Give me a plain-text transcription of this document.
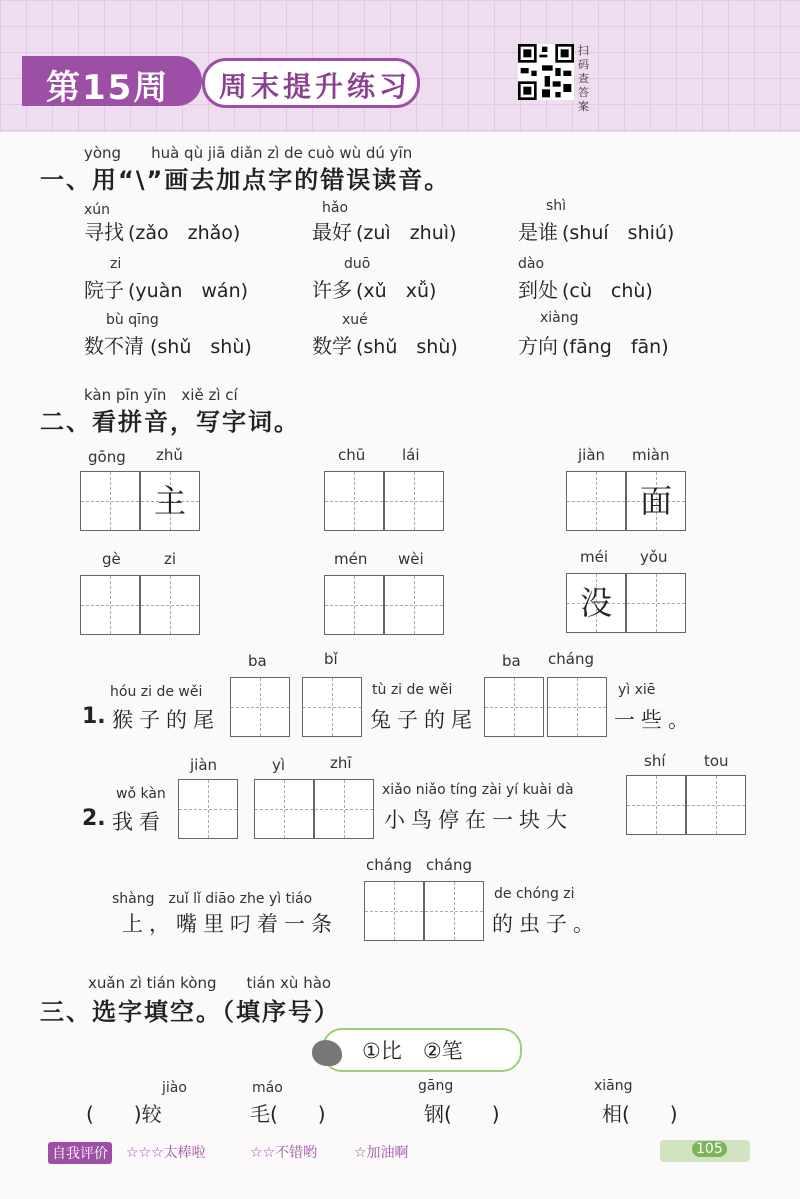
第15周 周末提升练习
扫码查答案
yòng　　huà qù jiā diǎn zì de cuò wù dú yīn
一、用“\”画去加点字的错误读音。
xún
寻找 (zǎo　zhǎo)
hǎo
最好 (zuì　zhuì)
shì
是谁 (shuí　shiú)
zi
院子 (yuàn　wán)
duō
许多 (xǔ　xǚ)
dào
到处 (cù　chù)
bù qīng
数不清 (shǔ　shù)
xué
数学 (shǔ　shù)
xiàng
方向 (fāng　fān)
kàn pīn yīn　xiě zì cí
二、看拼音，写字词。
gōng zhǔ
主
chū lái	jiàn miàn
面
gè	zi	mén wèi	méi yǒu
没
ba	bǐ	ba cháng
hóu zi de wěi	tù zi de wěi	yì xiē
1. 猴子的尾	兔子的尾	一些。
jiàn	yì	zhī	shí	tou
wǒ kàn	xiǎo niǎo tíng zài yí kuài dà
2. 我看	小鸟停在一块大
cháng cháng
shàng　zuǐ lǐ diāo zhe yì tiáo	de chóng zi
上，嘴里叼着一条	的虫子。
xuǎn zì tián kòng　　tián xù hào
三、选字填空。（填序号）
①比　②笔
jiào
(　　)较
máo
毛(　　)
gāng
钢(　　)
xiāng
相(　　)
自我评价 ☆☆☆太棒啦	☆☆不错哟	☆加油啊	105
